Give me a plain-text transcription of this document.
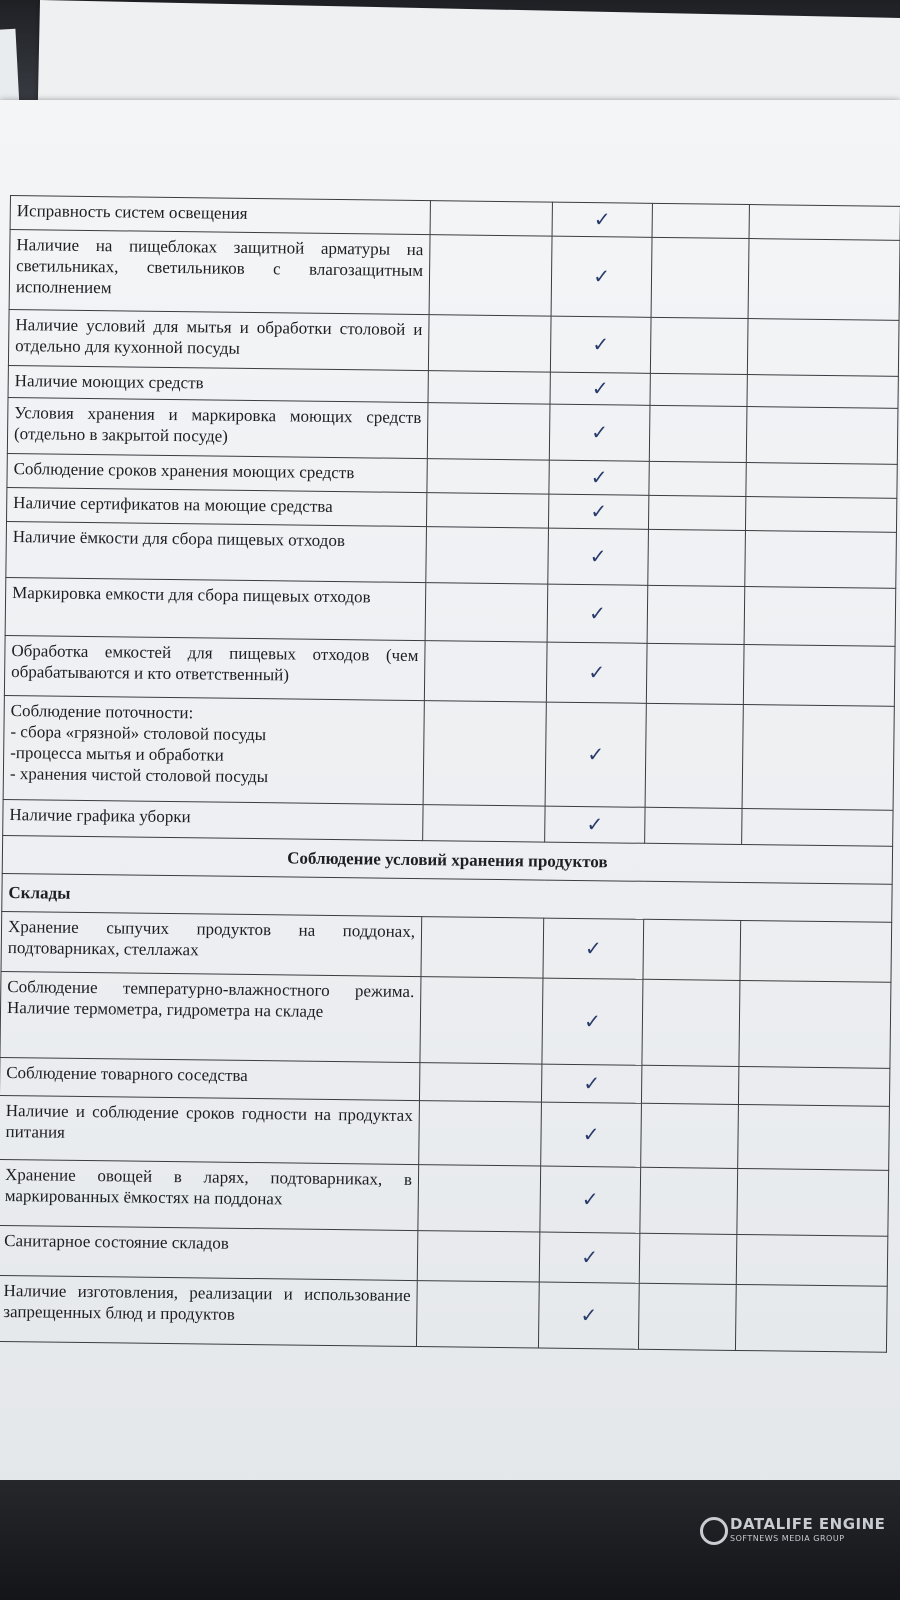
Исправность систем освещения		✓		
Наличие на пищеблоках защитной арматуры на светильниках, светильников с влагозащитным исполнением		✓		
Наличие условий для мытья и обработки столовой и отдельно для кухонной посуды		✓		
Наличие моющих средств		✓		
Условия хранения и маркировка моющих средств (отдельно в закрытой посуде)		✓		
Соблюдение сроков хранения моющих средств		✓		
Наличие сертификатов на моющие средства		✓		
Наличие ёмкости для сбора пищевых отходов		✓		
Маркировка емкости для сбора пищевых отходов		✓		
Обработка емкостей для пищевых отходов (чем обрабатываются и кто ответственный)		✓		

Соблюдение поточности:
- сбора «грязной» столовой посуды
-процесса мытья и обработки
- хранения чистой столовой посуды		✓		
Наличие графика уборки		✓		
Соблюдение условий хранения продуктов				
Склады				
Хранение сыпучих продуктов на поддонах, подтоварниках, стеллажах		✓		
Соблюдение температурно-влажностного режима. Наличие термометра, гидрометра на складе		✓		
Соблюдение товарного соседства		✓		
Наличие и соблюдение сроков годности на продуктах питания		✓		
Хранение овощей в ларях, подтоварниках, в маркированных ёмкостях на поддонах		✓		
Санитарное состояние складов		✓		
Наличие изготовления, реализации и использование запрещенных блюд и продуктов		✓		
DATALIFE ENGINE
SOFTNEWS MEDIA GROUP
